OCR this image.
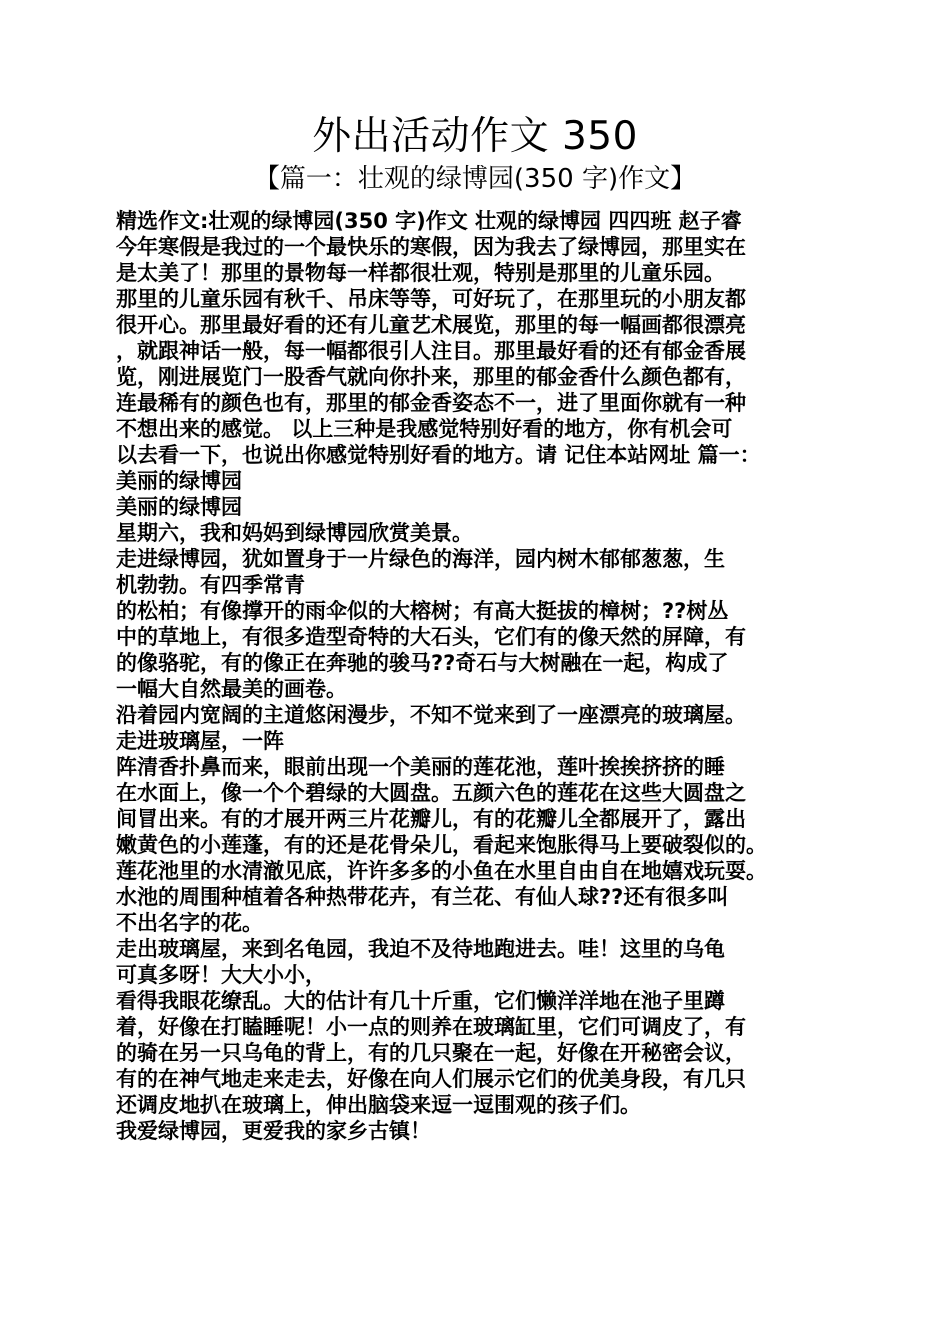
外出活动作文 350
【篇一：壮观的绿博园(350 字)作文】
精选作文:壮观的绿博园(350 字)作文 壮观的绿博园 四四班 赵子睿
今年寒假是我过的一个最快乐的寒假，因为我去了绿博园，那里实在
是太美了！那里的景物每一样都很壮观，特别是那里的儿童乐园。
那里的儿童乐园有秋千、吊床等等，可好玩了，在那里玩的小朋友都
很开心。那里最好看的还有儿童艺术展览，那里的每一幅画都很漂亮
，就跟神话一般，每一幅都很引人注目。那里最好看的还有郁金香展
览，刚进展览门一股香气就向你扑来，那里的郁金香什么颜色都有，
连最稀有的颜色也有，那里的郁金香姿态不一，进了里面你就有一种
不想出来的感觉。 以上三种是我感觉特别好看的地方，你有机会可
以去看一下，也说出你感觉特别好看的地方。请 记住本站网址 篇一：
美丽的绿博园
美丽的绿博园
星期六，我和妈妈到绿博园欣赏美景。
走进绿博园，犹如置身于一片绿色的海洋，园内树木郁郁葱葱，生
机勃勃。有四季常青
的松柏；有像撑开的雨伞似的大榕树；有高大挺拔的樟树；??树丛
中的草地上，有很多造型奇特的大石头，它们有的像天然的屏障，有
的像骆驼，有的像正在奔驰的骏马??奇石与大树融在一起，构成了
一幅大自然最美的画卷。
沿着园内宽阔的主道悠闲漫步，不知不觉来到了一座漂亮的玻璃屋。
走进玻璃屋，一阵
阵清香扑鼻而来，眼前出现一个美丽的莲花池，莲叶挨挨挤挤的睡
在水面上，像一个个碧绿的大圆盘。五颜六色的莲花在这些大圆盘之
间冒出来。有的才展开两三片花瓣儿，有的花瓣儿全都展开了，露出
嫩黄色的小莲蓬，有的还是花骨朵儿，看起来饱胀得马上要破裂似的。
莲花池里的水清澈见底，许许多多的小鱼在水里自由自在地嬉戏玩耍。
水池的周围种植着各种热带花卉，有兰花、有仙人球??还有很多叫
不出名字的花。
走出玻璃屋，来到名龟园，我迫不及待地跑进去。哇！这里的乌龟
可真多呀！大大小小，
看得我眼花缭乱。大的估计有几十斤重，它们懒洋洋地在池子里蹲
着，好像在打瞌睡呢！小一点的则养在玻璃缸里，它们可调皮了，有
的骑在另一只乌龟的背上，有的几只聚在一起，好像在开秘密会议，
有的在神气地走来走去，好像在向人们展示它们的优美身段，有几只
还调皮地扒在玻璃上，伸出脑袋来逗一逗围观的孩子们。
我爱绿博园，更爱我的家乡古镇！
